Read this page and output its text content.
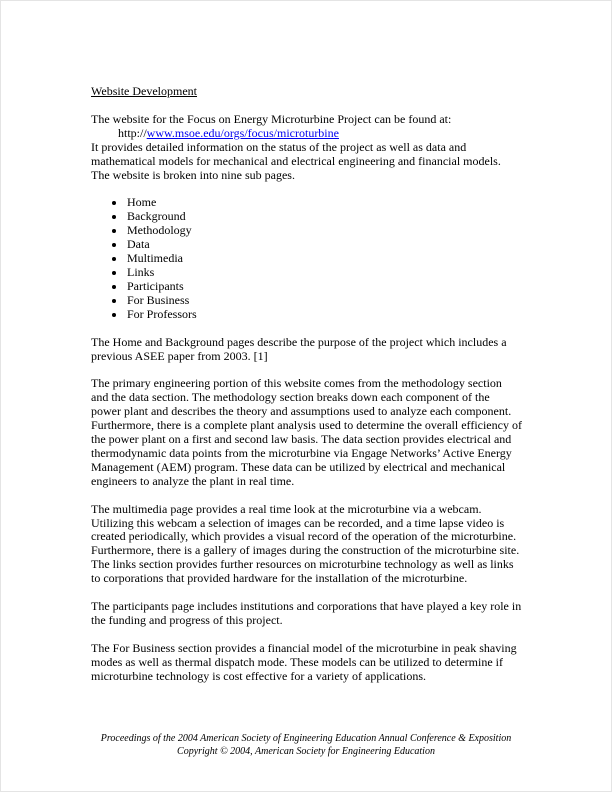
Website Development
The website for the Focus on Energy Microturbine Project can be found at:
http://www.msoe.edu/orgs/focus/microturbine
It provides detailed information on the status of the project as well as data and mathematical models for mechanical and electrical engineering and financial models. The website is broken into nine sub pages.
Home
Background
Methodology
Data
Multimedia
Links
Participants
For Business
For Professors

The Home and Background pages describe the purpose of the project which includes a previous ASEE paper from 2003. [1]

The primary engineering portion of this website comes from the methodology section and the data section. The methodology section breaks down each component of the power plant and describes the theory and assumptions used to analyze each component. Furthermore, there is a complete plant analysis used to determine the overall efficiency of the power plant on a first and second law basis. The data section provides electrical and thermodynamic data points from the microturbine via Engage Networks’ Active Energy Management (AEM) program. These data can be utilized by electrical and mechanical engineers to analyze the plant in real time.

The multimedia page provides a real time look at the microturbine via a webcam. Utilizing this webcam a selection of images can be recorded, and a time lapse video is created periodically, which provides a visual record of the operation of the microturbine. Furthermore, there is a gallery of images during the construction of the microturbine site. The links section provides further resources on microturbine technology as well as links to corporations that provided hardware for the installation of the microturbine.

The participants page includes institutions and corporations that have played a key role in the funding and progress of this project.

The For Business section provides a financial model of the microturbine in peak shaving modes as well as thermal dispatch mode. These models can be utilized to determine if microturbine technology is cost effective for a variety of applications.

Proceedings of the 2004 American Society of Engineering Education Annual Conference & Exposition
Copyright © 2004, American Society for Engineering Education
